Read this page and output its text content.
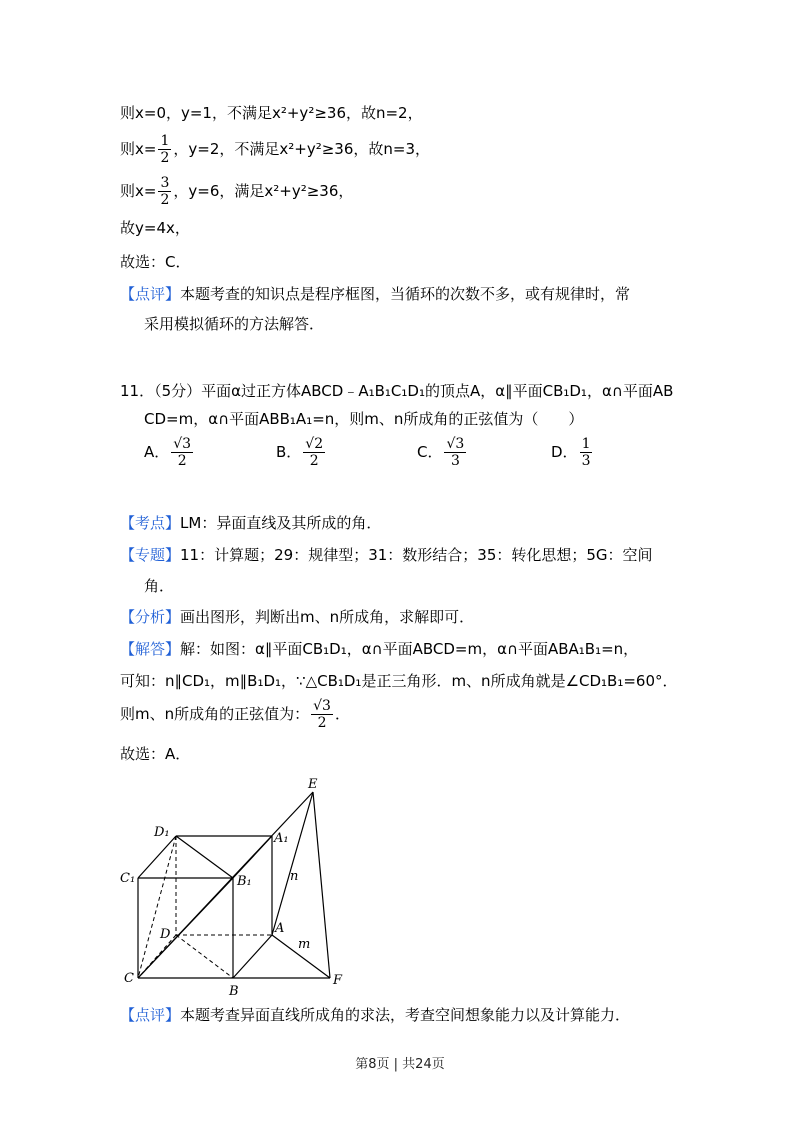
则x=0，y=1，不满足x²+y²≥36，故n=2，
则$x= \frac{1}{2}$ ，y=2，不满足x²+y²≥36，故n=3，
则$x= \frac{3}{2}$ ，y=6，满足x²+y²≥36，
故y=4x，
故选：C．
【点评】本题考查的知识点是程序框图，当循环的次数不多，或有规律时，常
采用模拟循环的方法解答．
11．（5分）平面α过正方体ABCD﹣A₁B₁C₁D₁的顶点A，α∥平面CB₁D₁，α∩平面AB
CD=m，α∩平面ABB₁A₁=n，则m、n所成角的正弦值为（　　）
A． $\frac{√3}{2}$	B． $\frac{√2}{2}$	C． $\frac{√3}{3}$	D． $\frac{1}{3}$
【考点】LM：异面直线及其所成的角．
【专题】11：计算题；29：规律型；31：数形结合；35：转化思想；5G：空间
角．
【分析】画出图形，判断出m、n所成角，求解即可．
【解答】解：如图：α∥平面CB₁D₁，α∩平面ABCD=m，α∩平面ABA₁B₁=n，
可知：n∥CD₁，m∥B₁D₁，∵△CB₁D₁是正三角形．m、n所成角就是∠CD₁B₁=60°．
则m、n所成角的正弦值为： $\frac{√3}{2}$ ．
故选：A．
E
D₁	A₁
C₁	B₁	n
D	A
m
C
B
F
【点评】本题考查异面直线所成角的求法，考查空间想象能力以及计算能力．
第8页 | 共24页
